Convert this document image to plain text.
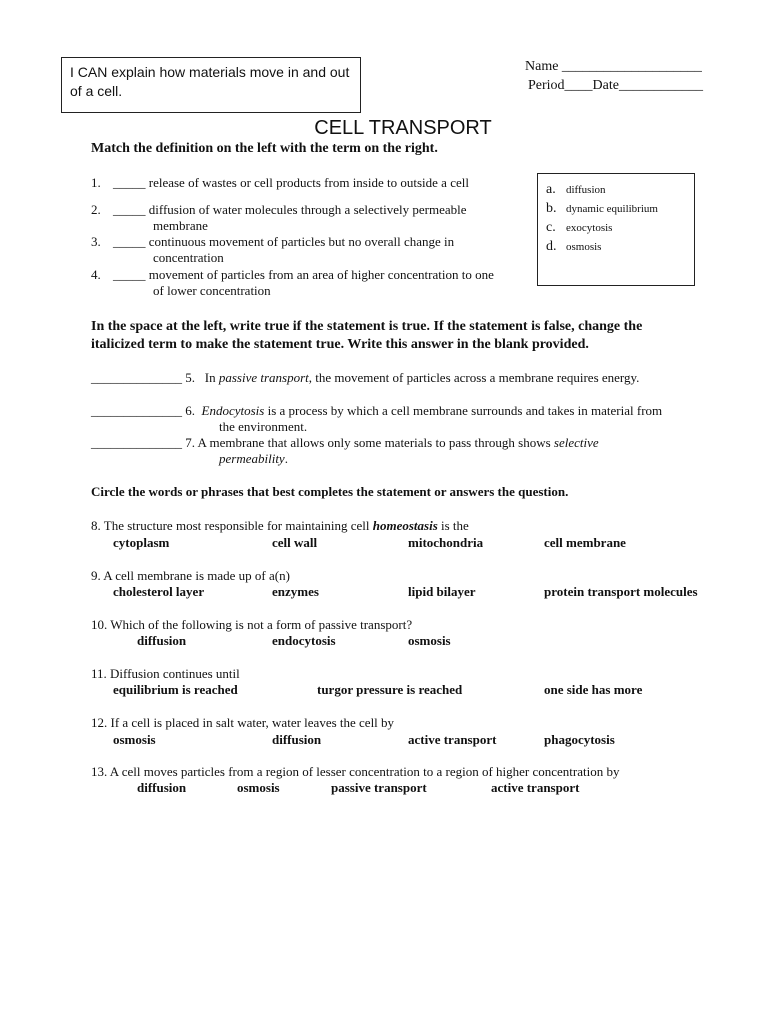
I CAN explain how materials move in and out of a cell.
Name ____________________
Period____Date____________
CELL TRANSPORT
Match the definition on the left with the term on the right.
1. _____ release of wastes or cell products from inside to outside a cell
2. _____ diffusion of water molecules through a selectively permeable
membrane
3. _____ continuous movement of particles but no overall change in
concentration
4. _____ movement of particles from an area of higher concentration to one
of lower concentration
a. diffusion
b. dynamic equilibrium
c. exocytosis
d. osmosis
In the space at the left, write true if the statement is true. If the statement is false, change the
italicized term to make the statement true. Write this answer in the blank provided.
______________ 5. In passive transport, the movement of particles across a membrane requires energy.
______________ 6. Endocytosis is a process by which a cell membrane surrounds and takes in material from
the environment.
______________ 7. A membrane that allows only some materials to pass through shows selective
permeability.
Circle the words or phrases that best completes the statement or answers the question.
8. The structure most responsible for maintaining cell homeostasis is the
cytoplasm	cell wall	mitochondria	cell membrane
9. A cell membrane is made up of a(n)
cholesterol layer	enzymes	lipid bilayer	protein transport molecules
10. Which of the following is not a form of passive transport?
diffusion	endocytosis	osmosis
11. Diffusion continues until
equilibrium is reached	turgor pressure is reached	one side has more
12. If a cell is placed in salt water, water leaves the cell by
osmosis	diffusion	active transport	phagocytosis
13. A cell moves particles from a region of lesser concentration to a region of higher concentration by
diffusion	osmosis	passive transport	active transport
